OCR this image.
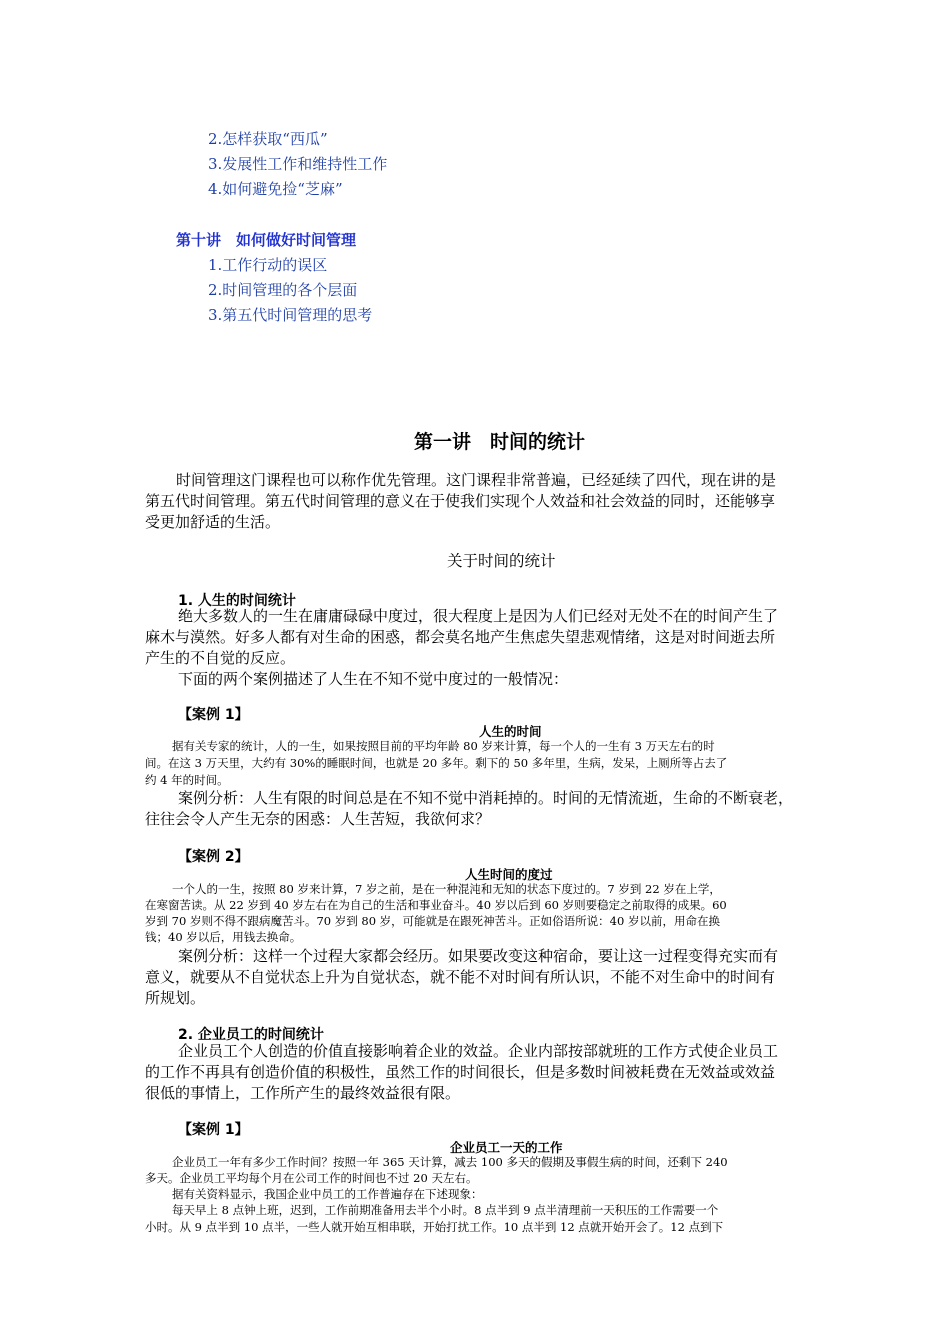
2.怎样获取“西瓜”
3.发展性工作和维持性工作
4.如何避免捡“芝麻”
第十讲　如何做好时间管理
1.工作行动的误区
2.时间管理的各个层面
3.第五代时间管理的思考
第一讲　时间的统计
时间管理这门课程也可以称作优先管理。这门课程非常普遍，已经延续了四代，现在讲的是
第五代时间管理。第五代时间管理的意义在于使我们实现个人效益和社会效益的同时，还能够享
受更加舒适的生活。
关于时间的统计
1. 人生的时间统计
绝大多数人的一生在庸庸碌碌中度过，很大程度上是因为人们已经对无处不在的时间产生了
麻木与漠然。好多人都有对生命的困惑，都会莫名地产生焦虑失望悲观情绪，这是对时间逝去所
产生的不自觉的反应。
下面的两个案例描述了人生在不知不觉中度过的一般情况：
【案例 1】
人生的时间
据有关专家的统计，人的一生，如果按照目前的平均年龄 80 岁来计算，每一个人的一生有 3 万天左右的时
间。在这 3 万天里，大约有 30%的睡眠时间，也就是 20 多年。剩下的 50 多年里，生病，发呆，上厕所等占去了
约 4 年的时间。
案例分析：人生有限的时间总是在不知不觉中消耗掉的。时间的无情流逝，生命的不断衰老，
往往会令人产生无奈的困惑：人生苦短，我欲何求？
【案例 2】
人生时间的度过
一个人的一生，按照 80 岁来计算，7 岁之前，是在一种混沌和无知的状态下度过的。7 岁到 22 岁在上学，
在寒窗苦读。从 22 岁到 40 岁左右在为自己的生活和事业奋斗。40 岁以后到 60 岁则要稳定之前取得的成果。60
岁到 70 岁则不得不跟病魔苦斗。70 岁到 80 岁，可能就是在跟死神苦斗。正如俗语所说：40 岁以前，用命在换
钱；40 岁以后，用钱去换命。
案例分析：这样一个过程大家都会经历。如果要改变这种宿命，要让这一过程变得充实而有
意义，就要从不自觉状态上升为自觉状态，就不能不对时间有所认识，不能不对生命中的时间有
所规划。
2. 企业员工的时间统计
企业员工个人创造的价值直接影响着企业的效益。企业内部按部就班的工作方式使企业员工
的工作不再具有创造价值的积极性，虽然工作的时间很长，但是多数时间被耗费在无效益或效益
很低的事情上，工作所产生的最终效益很有限。
【案例 1】
企业员工一天的工作
企业员工一年有多少工作时间？按照一年 365 天计算，减去 100 多天的假期及事假生病的时间，还剩下 240
多天。企业员工平均每个月在公司工作的时间也不过 20 天左右。
据有关资料显示，我国企业中员工的工作普遍存在下述现象：
每天早上 8 点钟上班，迟到，工作前期准备用去半个小时。8 点半到 9 点半清理前一天积压的工作需要一个
小时。从 9 点半到 10 点半，一些人就开始互相串联，开始打扰工作。10 点半到 12 点就开始开会了。12 点到下
